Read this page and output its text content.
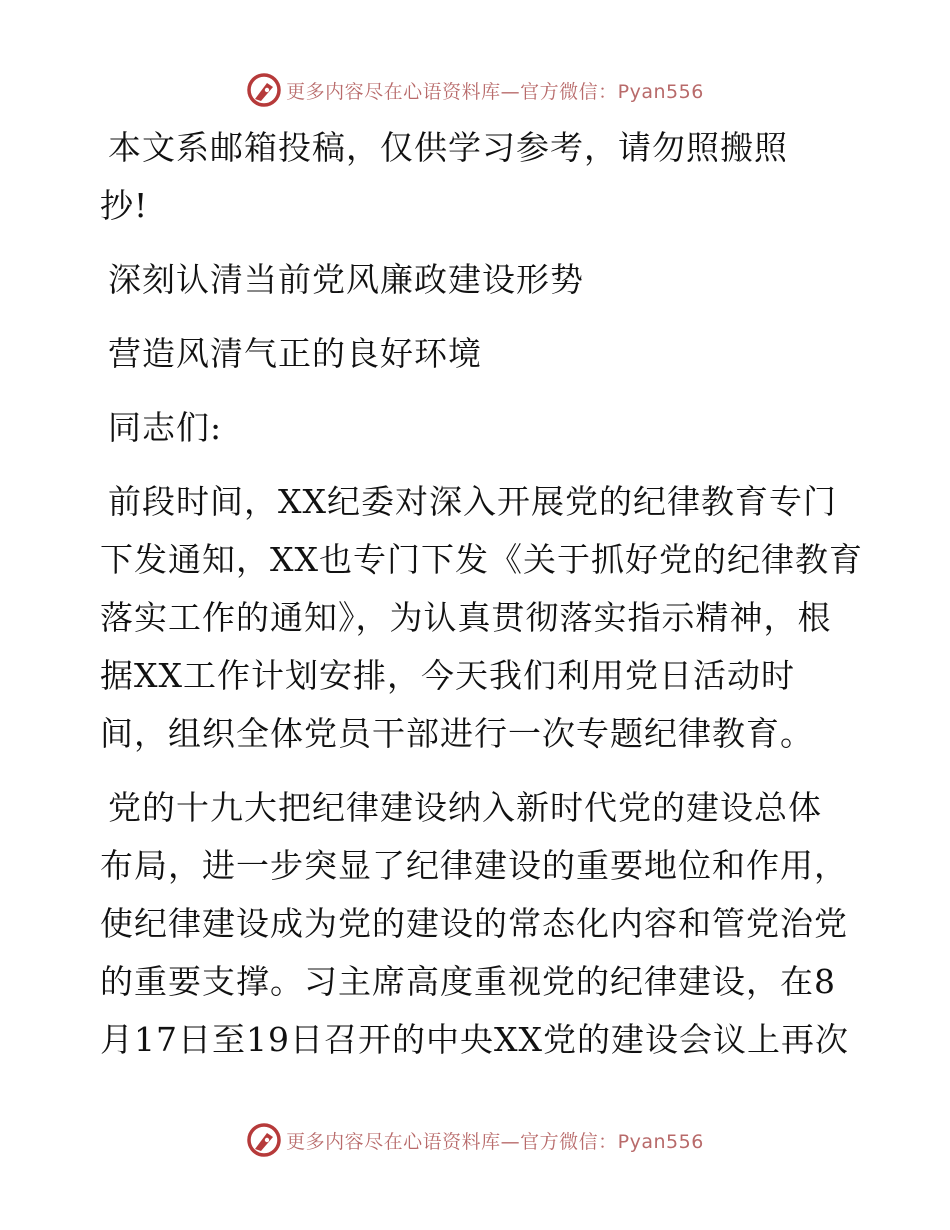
更多内容尽在心语资料库—官方微信：Pyan556
本文系邮箱投稿，仅供学习参考，请勿照搬照
抄!
深刻认清当前党风廉政建设形势
营造风清气正的良好环境
同志们:
前段时间，XX纪委对深入开展党的纪律教育专门
下发通知，XX也专门下发《关于抓好党的纪律教育
落实工作的通知》，为认真贯彻落实指示精神，根
据XX工作计划安排，今天我们利用党日活动时
间，组织全体党员干部进行一次专题纪律教育。
党的十九大把纪律建设纳入新时代党的建设总体
布局，进一步突显了纪律建设的重要地位和作用，
使纪律建设成为党的建设的常态化内容和管党治党
的重要支撑。习主席高度重视党的纪律建设，在8
月17日至19日召开的中央XX党的建设会议上再次
更多内容尽在心语资料库—官方微信：Pyan556
